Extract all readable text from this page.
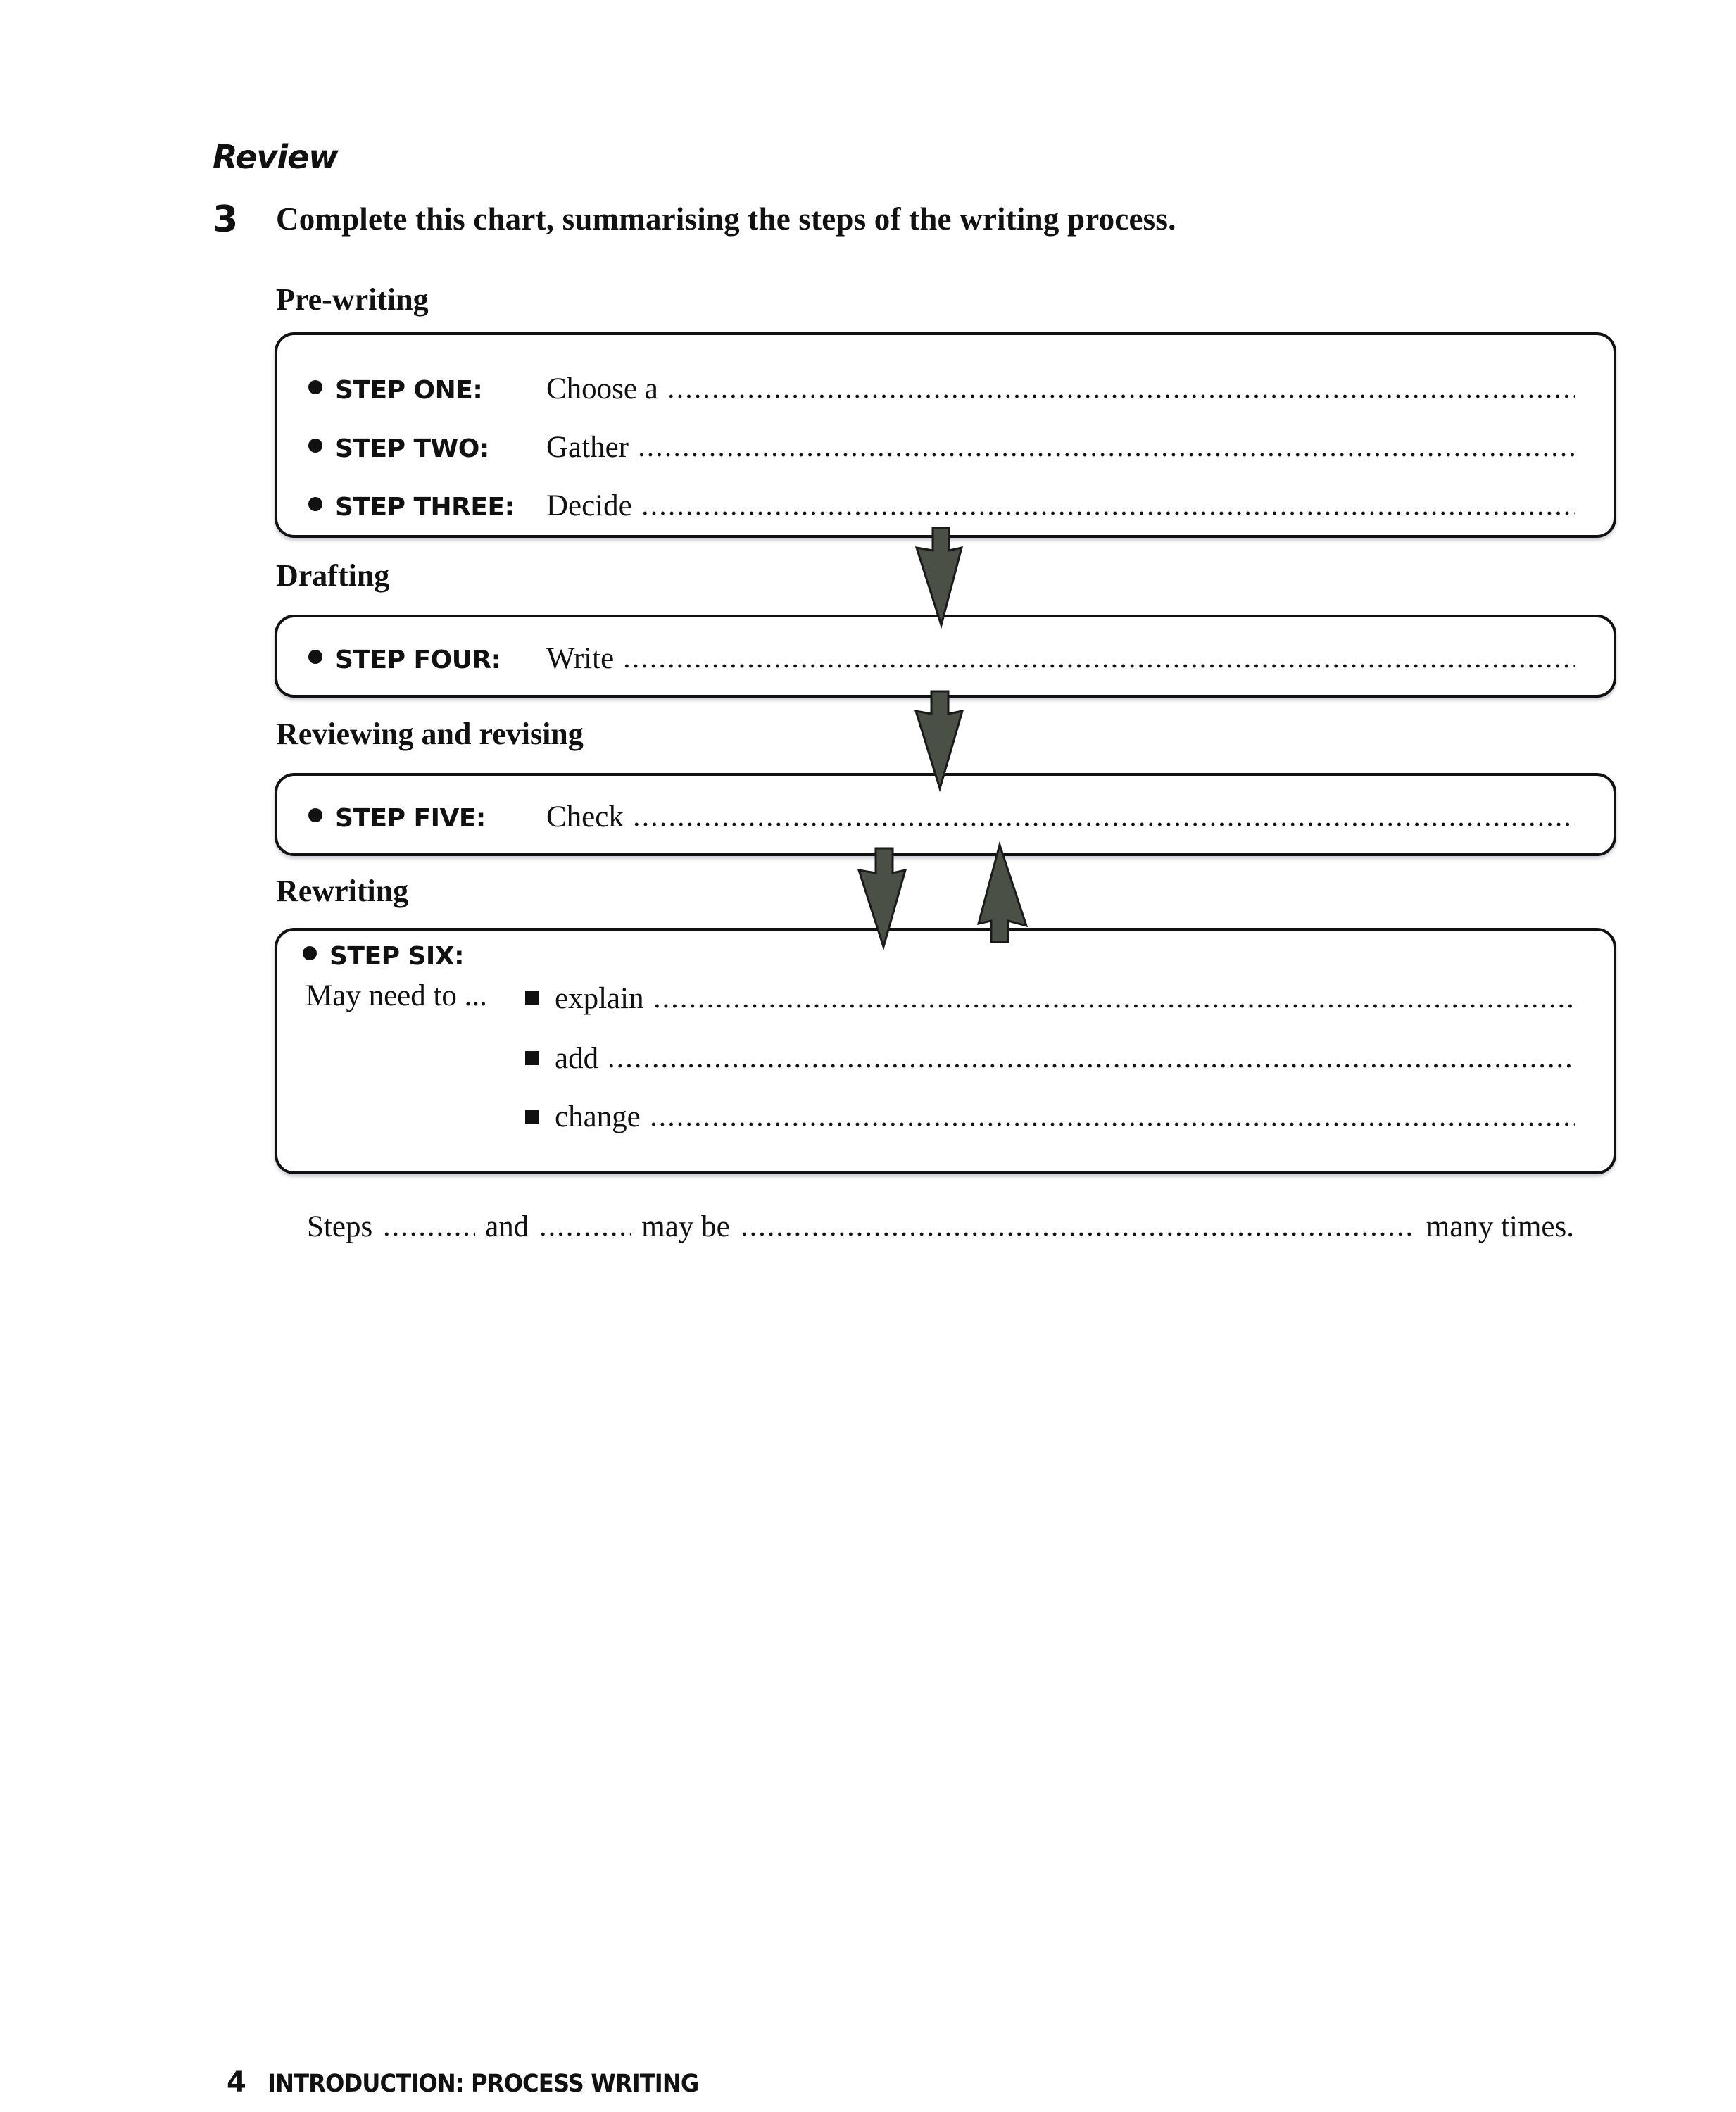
Review
3 Complete this chart, summarising the steps of the writing process.
Pre-writing
STEP ONE:	Choose a
STEP TWO:	Gather
STEP THREE:	Decide
Drafting
STEP FOUR:	Write
Reviewing and revising
STEP FIVE:	Check
Rewriting
STEP SIX:
May need to ... explain
add
change
Steps	and	may be	many times.
4 INTRODUCTION: PROCESS WRITING
